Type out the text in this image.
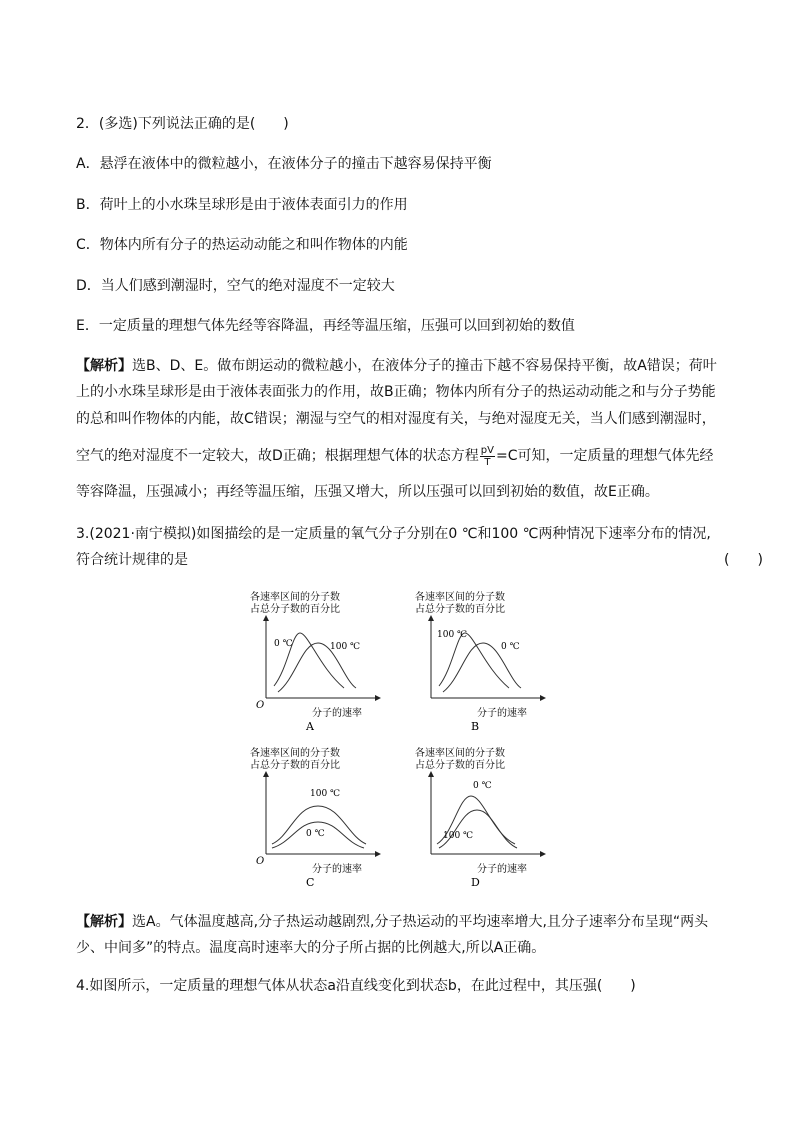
2．(多选)下列说法正确的是(　　)
A．悬浮在液体中的微粒越小，在液体分子的撞击下越容易保持平衡
B．荷叶上的小水珠呈球形是由于液体表面引力的作用
C．物体内所有分子的热运动动能之和叫作物体的内能
D．当人们感到潮湿时，空气的绝对湿度不一定较大
E．一定质量的理想气体先经等容降温，再经等温压缩，压强可以回到初始的数值
【解析】选B、D、E。做布朗运动的微粒越小，在液体分子的撞击下越不容易保持平衡，故A错误；荷叶
上的小水珠呈球形是由于液体表面张力的作用，故B正确；物体内所有分子的热运动动能之和与分子势能
的总和叫作物体的内能，故C错误；潮湿与空气的相对湿度有关，与绝对湿度无关，当人们感到潮湿时，
空气的绝对湿度不一定较大，故D正确；根据理想气体的状态方程 $\frac{pV}{T} =C$可知，一定质量的理想气体先经
等容降温，压强减小；再经等温压缩，压强又增大，所以压强可以回到初始的数值，故E正确。
3.(2021·南宁模拟)如图描绘的是一定质量的氧气分子分别在0 ℃和100 ℃两种情况下速率分布的情况,
符合统计规律的是	(　　)
各速率区间的分子数
占总分子数的百分比
O
分子的速率
A
0 ℃	100 ℃
各速率区间的分子数
占总分子数的百分比
分子的速率
B
100 ℃
0 ℃
各速率区间的分子数
占总分子数的百分比
O
分子的速率
C
100 ℃
0 ℃
各速率区间的分子数
占总分子数的百分比
分子的速率
D
0 ℃
100 ℃
【解析】选A。气体温度越高,分子热运动越剧烈,分子热运动的平均速率增大,且分子速率分布呈现“两头
少、中间多”的特点。温度高时速率大的分子所占据的比例越大,所以A正确。
4.如图所示，一定质量的理想气体从状态a沿直线变化到状态b，在此过程中，其压强(　　)
